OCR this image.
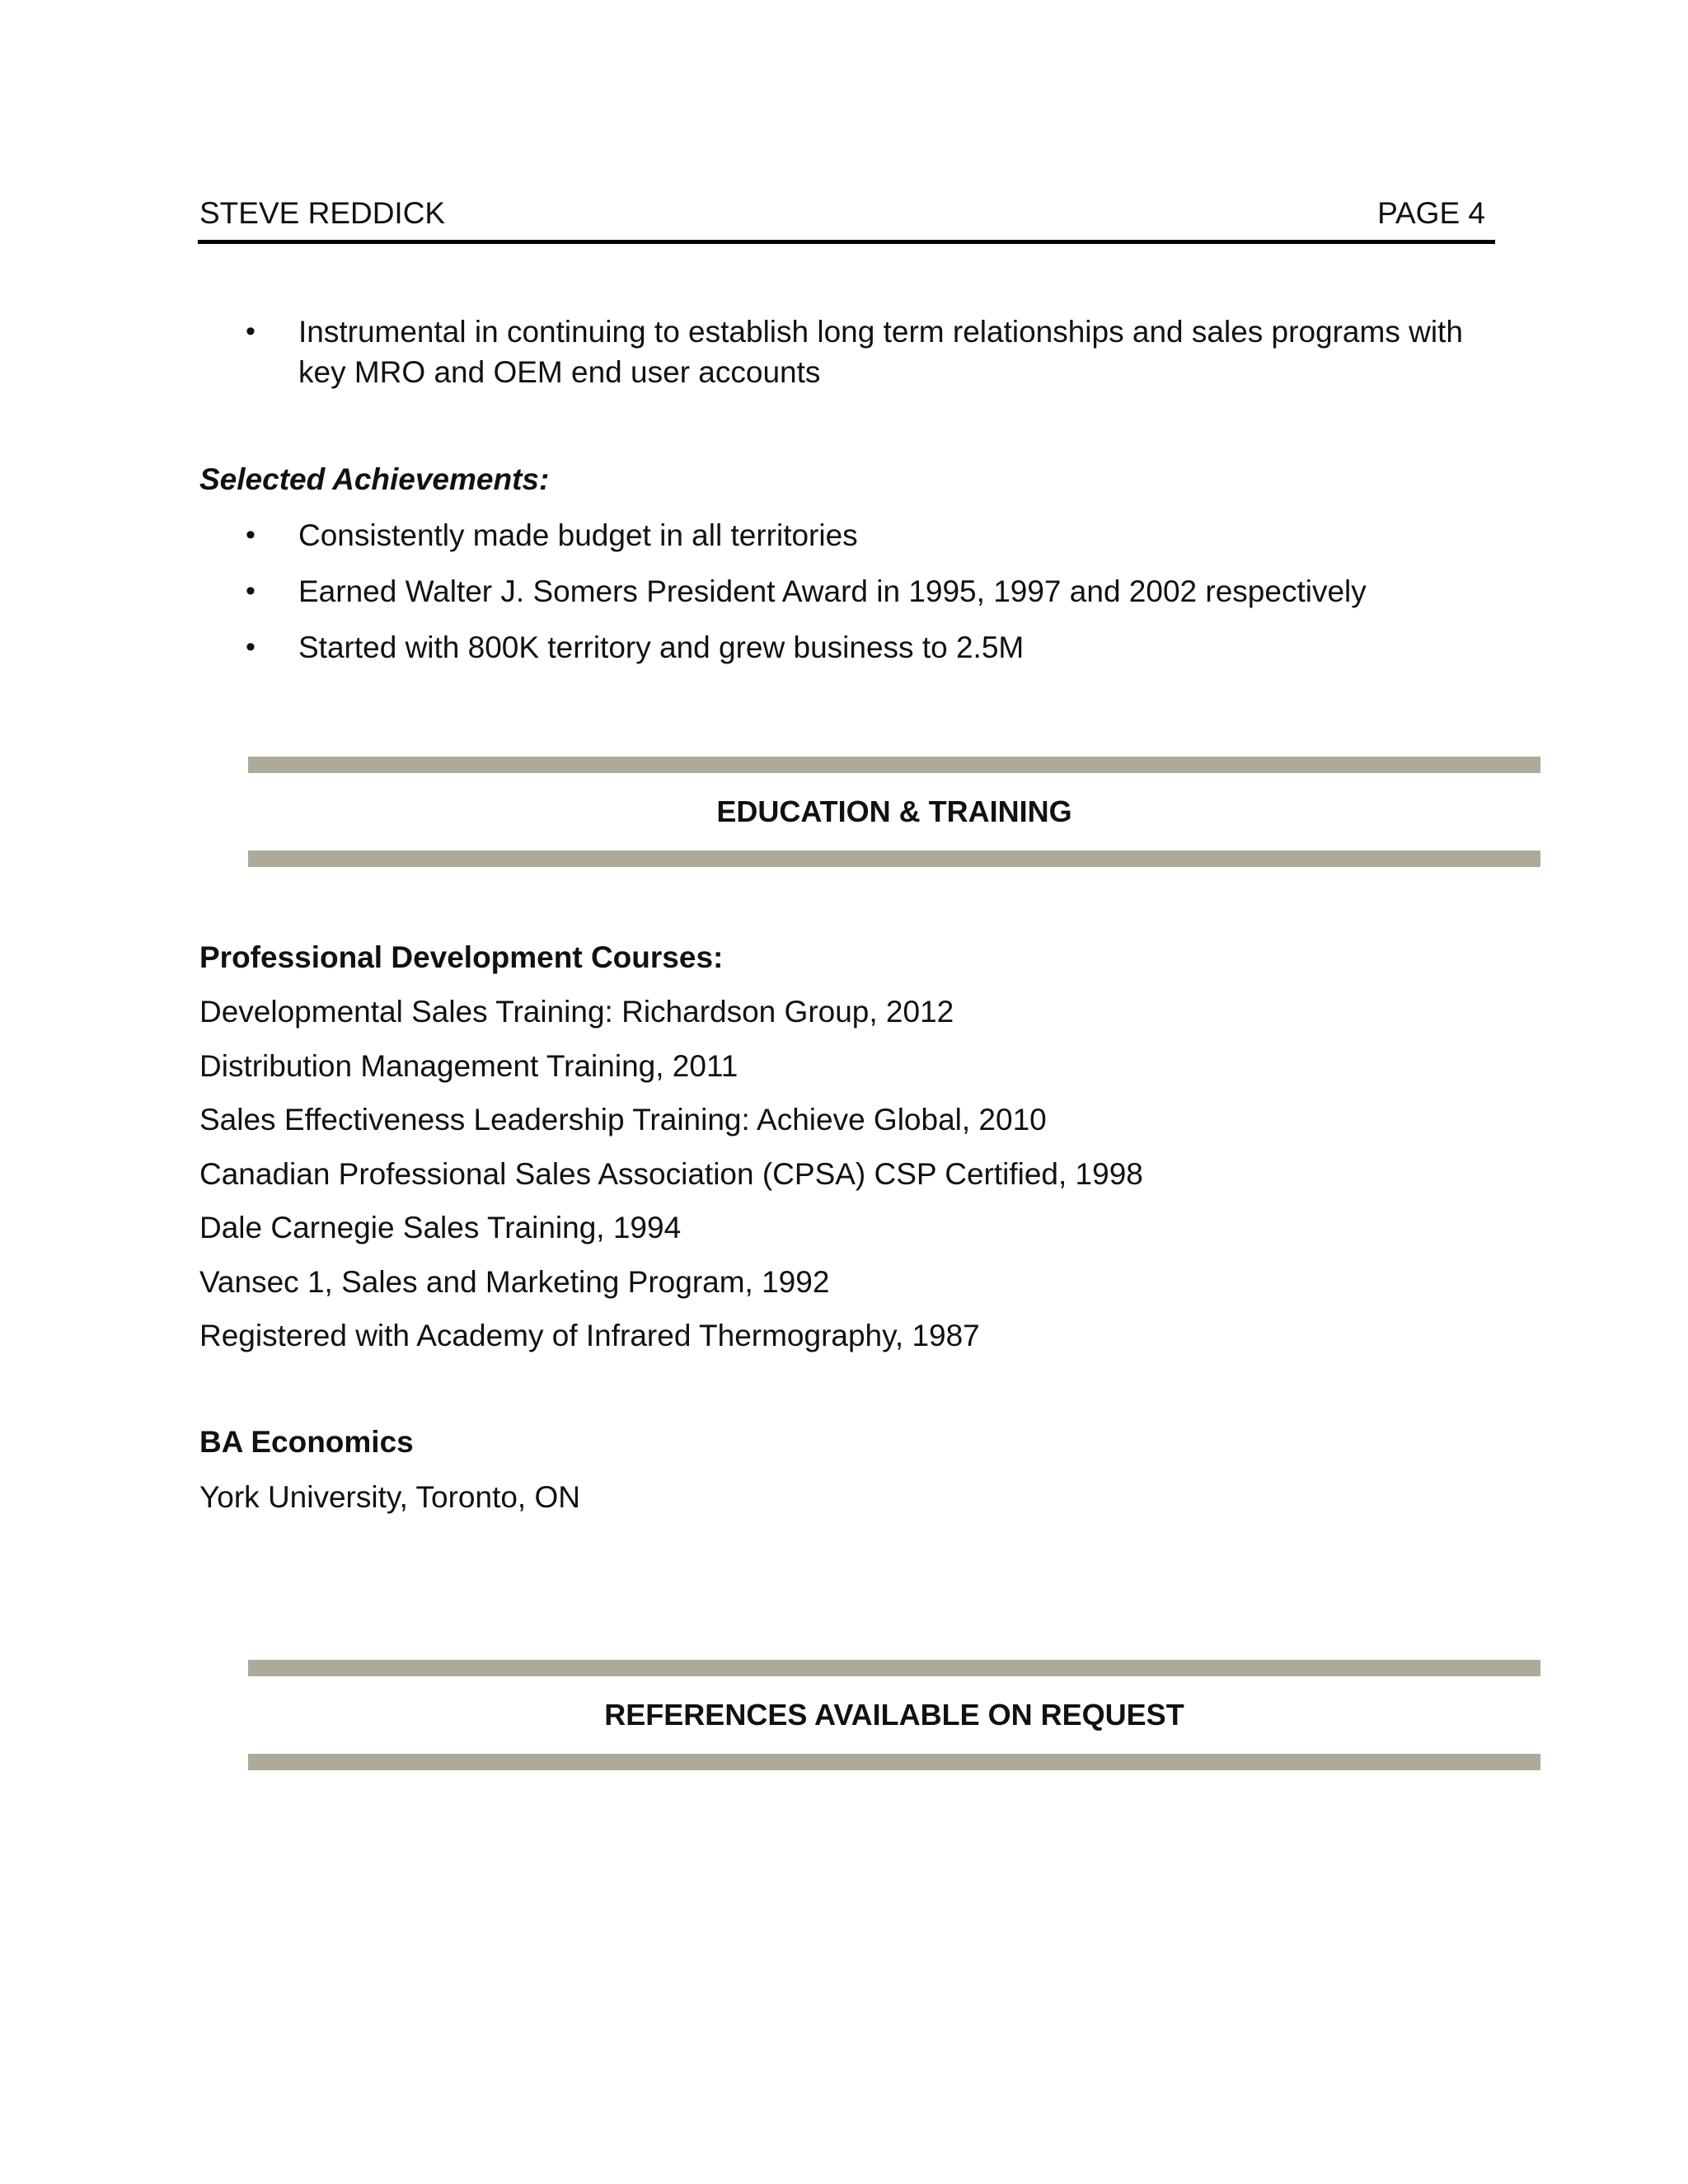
STEVE REDDICK	PAGE 4
• Instrumental in continuing to establish long term relationships and sales programs with
key MRO and OEM end user accounts
Selected Achievements:
• Consistently made budget in all territories
• Earned Walter J. Somers President Award in 1995, 1997 and 2002 respectively
• Started with 800K territory and grew business to 2.5M
EDUCATION & TRAINING
Professional Development Courses:
Developmental Sales Training: Richardson Group, 2012
Distribution Management Training, 2011
Sales Effectiveness Leadership Training: Achieve Global, 2010
Canadian Professional Sales Association (CPSA) CSP Certified, 1998
Dale Carnegie Sales Training, 1994
Vansec 1, Sales and Marketing Program, 1992
Registered with Academy of Infrared Thermography, 1987
BA Economics
York University, Toronto, ON
REFERENCES AVAILABLE ON REQUEST
